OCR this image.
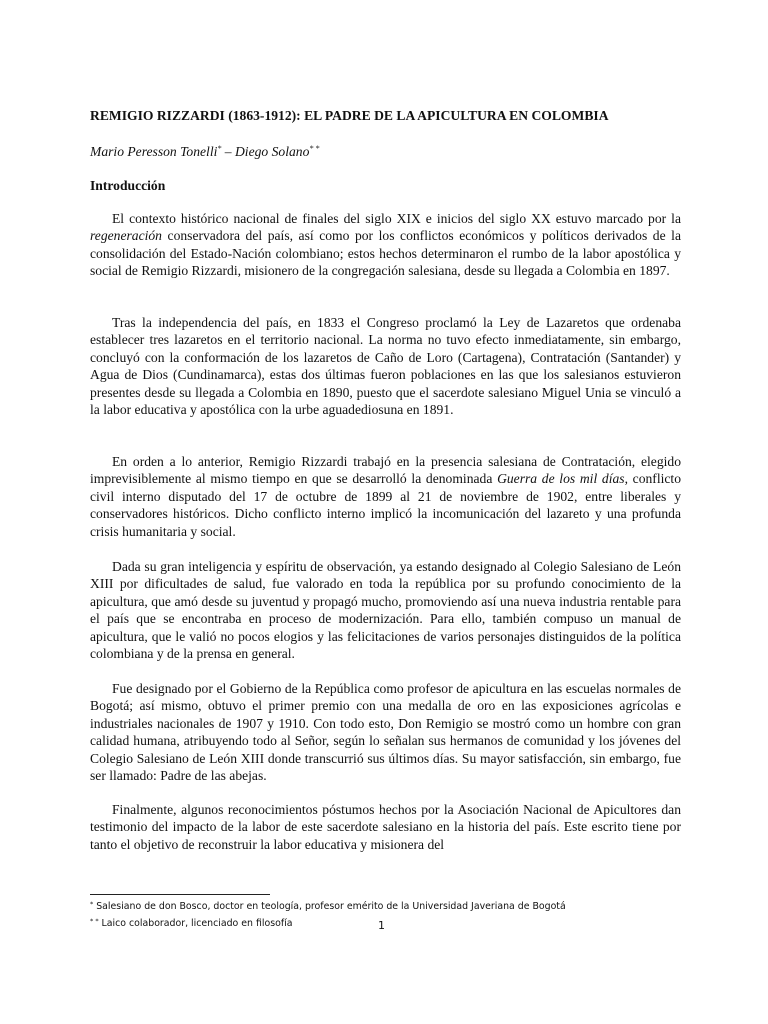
REMIGIO RIZZARDI (1863-1912): EL PADRE DE LA APICULTURA EN COLOMBIA
Mario Peresson Tonelli* – Diego Solano* *
Introducción

El contexto histórico nacional de finales del siglo XIX e inicios del siglo XX estuvo marcado por la regeneración conservadora del país, así como por los conflictos económicos y políticos derivados de la consolidación del Estado-Nación colombiano; estos hechos determinaron el rumbo de la labor apostólica y social de Remigio Rizzardi, misionero de la congregación salesiana, desde su llegada a Colombia en 1897.

Tras la independencia del país, en 1833 el Congreso proclamó la Ley de Lazaretos que ordenaba establecer tres lazaretos en el territorio nacional. La norma no tuvo efecto inmediatamente, sin embargo, concluyó con la conformación de los lazaretos de Caño de Loro (Cartagena), Contratación (Santander) y Agua de Dios (Cundinamarca), estas dos últimas fueron poblaciones en las que los salesianos estuvieron presentes desde su llegada a Colombia en 1890, puesto que el sacerdote salesiano Miguel Unia se vinculó a la labor educativa y apostólica con la urbe aguadediosuna en 1891.

En orden a lo anterior, Remigio Rizzardi trabajó en la presencia salesiana de Contratación, elegido imprevisiblemente al mismo tiempo en que se desarrolló la denominada Guerra de los mil días, conflicto civil interno disputado del 17 de octubre de 1899 al 21 de noviembre de 1902, entre liberales y conservadores históricos. Dicho conflicto interno implicó la incomunicación del lazareto y una profunda crisis humanitaria y social.

Dada su gran inteligencia y espíritu de observación, ya estando designado al Colegio Salesiano de León XIII por dificultades de salud, fue valorado en toda la república por su profundo conocimiento de la apicultura, que amó desde su juventud y propagó mucho, promoviendo así una nueva industria rentable para el país que se encontraba en proceso de modernización. Para ello, también compuso un manual de apicultura, que le valió no pocos elogios y las felicitaciones de varios personajes distinguidos de la política colombiana y de la prensa en general.

Fue designado por el Gobierno de la República como profesor de apicultura en las escuelas normales de Bogotá; así mismo, obtuvo el primer premio con una medalla de oro en las exposiciones agrícolas e industriales nacionales de 1907 y 1910. Con todo esto, Don Remigio se mostró como un hombre con gran calidad humana, atribuyendo todo al Señor, según lo señalan sus hermanos de comunidad y los jóvenes del Colegio Salesiano de León XIII donde transcurrió sus últimos días. Su mayor satisfacción, sin embargo, fue ser llamado: Padre de las abejas.

Finalmente, algunos reconocimientos póstumos hechos por la Asociación Nacional de Apicultores dan testimonio del impacto de la labor de este sacerdote salesiano en la historia del país. Este escrito tiene por tanto el objetivo de reconstruir la labor educativa y misionera del

* Salesiano de don Bosco, doctor en teología, profesor emérito de la Universidad Javeriana de Bogotá
* * Laico colaborador, licenciado en filosofía	1
